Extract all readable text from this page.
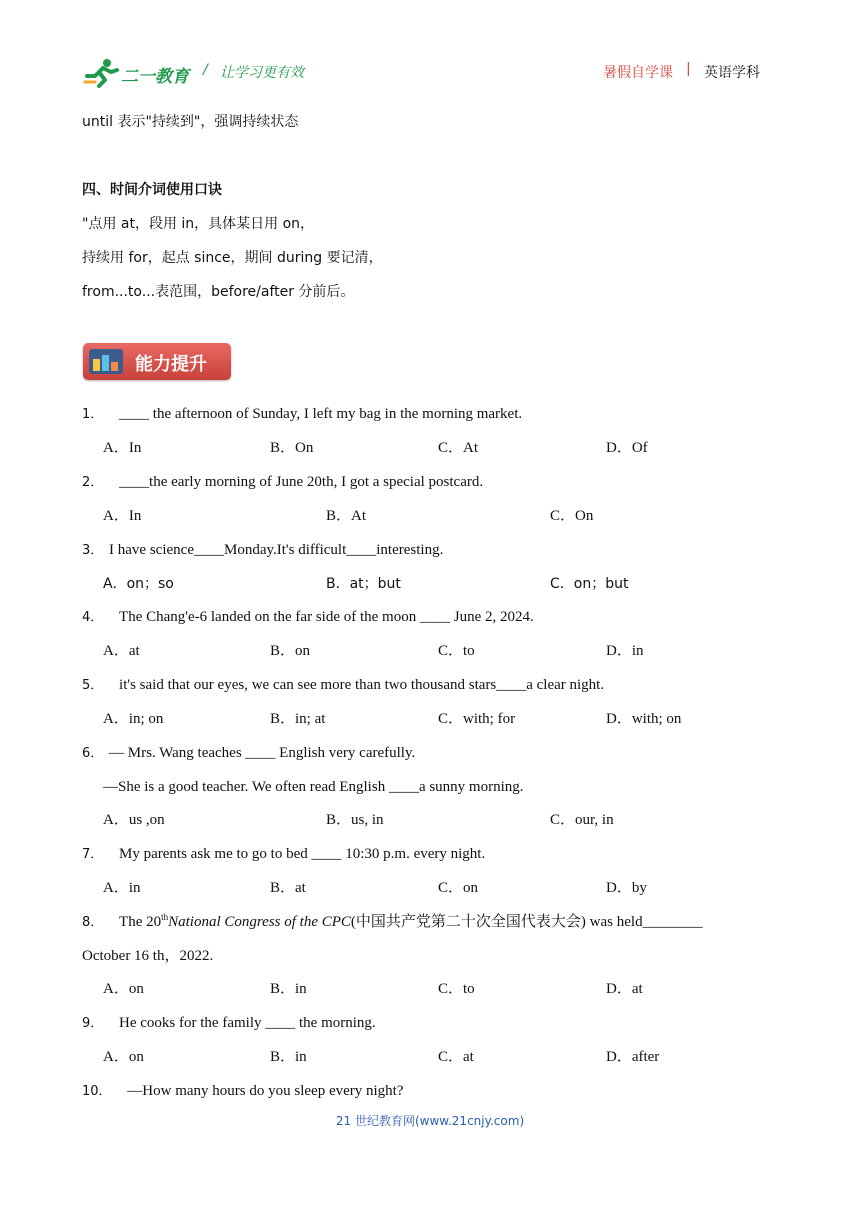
二一教育 / 让学习更有效	暑假自学课 | 英语学科
until 表示"持续到"，强调持续状态
四、时间介词使用口诀
"点用 at，段用 in，具体某日用 on，
持续用 for，起点 since，期间 during 要记清，
from...to...表范围，before/after 分前后。
能力提升
1． ____ the afternoon of Sunday, I left my bag in the morning market.
A．In	B．On	C．At	D．Of
2． ____the early morning of June 20th, I got a special postcard.
A．In	B．At	C．On
3． I have science____Monday.It's difficult____interesting.
A．on；so	B．at；but	C．on；but
4． The Chang'e-6 landed on the far side of the moon ____ June 2, 2024.
A．at	B．on	C．to	D．in
5． it's said that our eyes, we can see more than two thousand stars____a clear night.
A．in; on	B．in; at	C．with; for	D．with; on
6． — Mrs. Wang teaches ____ English very carefully.
—She is a good teacher. We often read English ____a sunny morning.
A．us ,on	B．us, in	C．our, in
7． My parents ask me to go to bed ____ 10:30 p.m. every night.
A．in	B．at	C．on	D．by
8． The 20thNational Congress of the CPC(中国共产党第二十次全国代表大会) was held________
October 16 th，2022.
A．on	B．in	C．to	D．at
9． He cooks for the family ____ the morning.
A．on	B．in	C．at	D．after
10． —How many hours do you sleep every night?
21 世纪教育网(www.21cnjy.com)
